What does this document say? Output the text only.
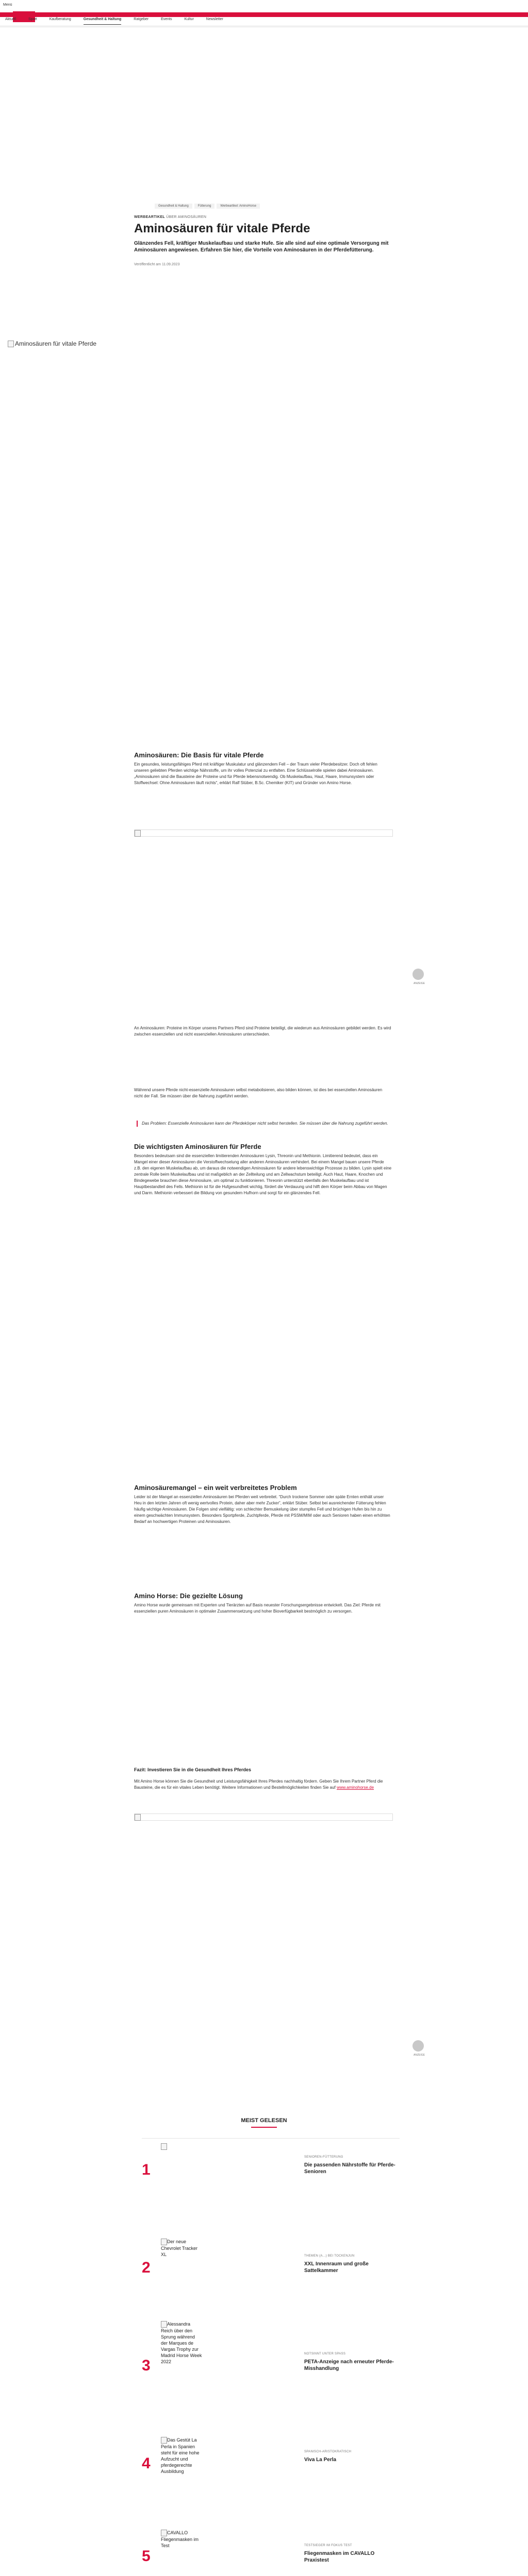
Menü
Aktuell	Sport	Kaufberatung	Gesundheit & Haltung	Ratgeber	Events	Kultur	Newsletter
Gesundheit & Haltung	Fütterung	Werbeartikel: AminoHorse
WERBEARTIKEL ÜBER AMINOSÄUREN
Aminosäuren für vitale Pferde
Glänzendes Fell, kräftiger Muskelaufbau und starke Hufe. Sie alle sind auf eine optimale Versorgung mit Aminosäuren angewiesen. Erfahren Sie hier, die Vorteile von Aminosäuren in der Pferdefütterung.
Veröffentlicht am 11.09.2023
Aminosäuren für vitale Pferde
Aminosäuren: Die Basis für vitale Pferde
Ein gesundes, leistungsfähiges Pferd mit kräftiger Muskulatur und glänzendem Fell – der Traum vieler Pferdebesitzer. Doch oft fehlen unseren geliebten Pferden wichtige Nährstoffe, um ihr volles Potenzial zu entfalten. Eine Schlüsselrolle spielen dabei Aminosäuren. „Aminosäuren sind die Bausteine der Proteine und für Pferde lebensnotwendig. Ob Muskelaufbau, Haut, Haare, Immunsystem oder Stoffwechsel: Ohne Aminosäuren läuft nichts“, erklärt Ralf Stüber, B.Sc. Chemiker (KIT) und Gründer von Amino Horse.
ANZEIGE
An Aminosäuren: Proteine im Körper unseres Partners Pferd sind Proteine beteiligt, die wiederum aus Aminosäuren gebildet werden. Es wird zwischen essenziellen und nicht essenziellen Aminosäuren unterschieden.
Während unsere Pferde nicht-essenzielle Aminosäuren selbst metabolisieren, also bilden können, ist dies bei essenziellen Aminosäuren nicht der Fall. Sie müssen über die Nahrung zugeführt werden.
Das Problem: Essenzielle Aminosäuren kann der Pferdekörper nicht selbst herstellen. Sie müssen über die Nahrung zugeführt werden.
Die wichtigsten Aminosäuren für Pferde
Besonders bedeutsam sind die essenziellen limitierenden Aminosäuren Lysin, Threonin und Methionin. Limitierend bedeutet, dass ein Mangel einer dieser Aminosäuren die Verstoffwechselung aller anderen Aminosäuren verhindert. Bei einem Mangel bauen unsere Pferde z.B. den eigenen Muskelaufbau ab, um daraus die notwendigen Aminosäuren für andere lebenswichtige Prozesse zu bilden. Lysin spielt eine zentrale Rolle beim Muskelaufbau und ist maßgeblich an der Zellteilung und am Zellwachstum beteiligt. Auch Haut, Haare, Knochen und Bindegewebe brauchen diese Aminosäure, um optimal zu funktionieren. Threonin unterstützt ebenfalls den Muskelaufbau und ist Hauptbestandteil des Fells. Methionin ist für die Hufgesundheit wichtig, fördert die Verdauung und hilft dem Körper beim Abbau von Magen und Darm. Methionin verbessert die Bildung von gesundem Hufhorn und sorgt für ein glänzendes Fell.
Aminosäuremangel – ein weit verbreitetes Problem
Leider ist der Mangel an essenziellen Aminosäuren bei Pferden weit verbreitet. “Durch trockene Sommer oder späte Ernten enthält unser Heu in den letzten Jahren oft wenig wertvolles Protein, daher aber mehr Zucker”, erklärt Stüber. Selbst bei ausreichender Fütterung fehlen häufig wichtige Aminosäuren. Die Folgen sind vielfältig: von schlechter Bemuskelung über stumpfes Fell und brüchigen Hufen bis hin zu einem geschwächten Immunsystem. Besonders Sportpferde, Zuchtpferde, Pferde mit PSSM/MIM oder auch Senioren haben einen erhöhten Bedarf an hochwertigen Proteinen und Aminosäuren.
Amino Horse: Die gezielte Lösung
Amino Horse wurde gemeinsam mit Experten und Tierärzten auf Basis neuester Forschungsergebnisse entwickelt. Das Ziel: Pferde mit essenziellen puren Aminosäuren in optimaler Zusammensetzung und hoher Bioverfügbarkeit bestmöglich zu versorgen.
Fazit: Investieren Sie in die Gesundheit Ihres Pferdes
Mit Amino Horse können Sie die Gesundheit und Leistungsfähigkeit Ihres Pferdes nachhaltig fördern. Geben Sie Ihrem Partner Pferd die Bausteine, die es für ein vitales Leben benötigt. Weitere Informationen und Bestellmöglichkeiten finden Sie auf www.aminohorse.de
ANZEIGE
MEIST GELESEN
1
SENIOREN-FÜTTERUNG
Die passenden Nährstoffe für Pferde-Senioren
2
Der neue Chevrolet Tracker XL	THEMEN (A...) BEI TOCKENJUN
XXL Innenraum und große Sattelkammer
3
Alessandra Reich über den Sprung während der Marques de Vargas Trophy zur Madrid Horse Week 2022
NOTSINNT UNTER SPASS
PETA-Anzeige nach erneuter Pferde-Misshandlung
4
Das Gestüt La Perla in Spanien steht für eine hohe Aufzucht und pferdegerechte Ausbildung
SPANISCH-ARISTOKRATISCH
Viva La Perla
5
CAVALLO Fliegenmasken im Test	TESTSIEGER IM FOKUS TEST
Fliegenmasken im CAVALLO Praxistest
